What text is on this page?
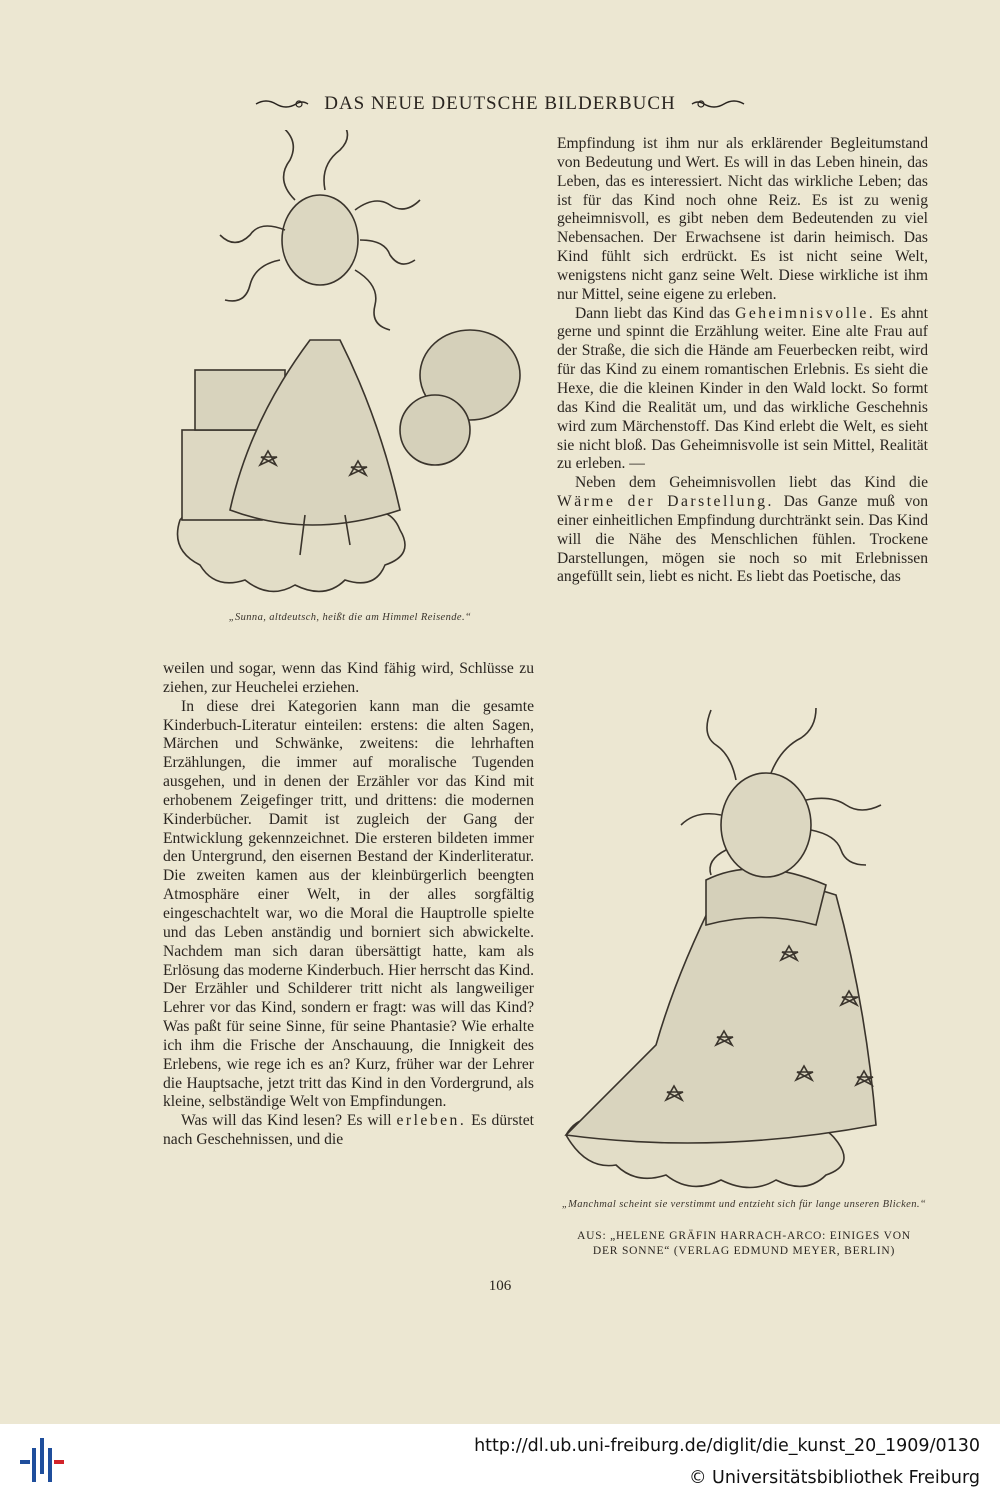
DAS NEUE DEUTSCHE BILDERBUCH
„Sunna, altdeutsch, heißt die am Himmel Reisende.“

Empfindung ist ihm nur als erklärender Begleitumstand von Bedeutung und Wert. Es will in das Leben hinein, das Leben, das es interessiert. Nicht das wirkliche Leben; das ist für das Kind noch ohne Reiz. Es ist zu wenig geheimnisvoll, es gibt neben dem Bedeutenden zu viel Nebensachen. Der Erwachsene ist darin heimisch. Das Kind fühlt sich erdrückt. Es ist nicht seine Welt, wenigstens nicht ganz seine Welt. Diese wirkliche ist ihm nur Mittel, seine eigene zu erleben.

Dann liebt das Kind das Geheimnisvolle. Es ahnt gerne und spinnt die Erzählung weiter. Eine alte Frau auf der Straße, die sich die Hände am Feuerbecken reibt, wird für das Kind zu einem romantischen Erlebnis. Es sieht die Hexe, die die kleinen Kinder in den Wald lockt. So formt das Kind die Realität um, und das wirkliche Geschehnis wird zum Märchenstoff. Das Kind erlebt die Welt, es sieht sie nicht bloß. Das Geheimnisvolle ist sein Mittel, Realität zu erleben. —

Neben dem Geheimnisvollen liebt das Kind die Wärme der Darstellung. Das Ganze muß von einer einheitlichen Empfindung durchtränkt sein. Das Kind will die Nähe des Menschlichen fühlen. Trockene Darstellungen, mögen sie noch so mit Erlebnissen angefüllt sein, liebt es nicht. Es liebt das Poetische, das

weilen und sogar, wenn das Kind fähig wird, Schlüsse zu ziehen, zur Heuchelei erziehen.

In diese drei Kategorien kann man die gesamte Kinderbuch-Literatur einteilen: erstens: die alten Sagen, Märchen und Schwänke, zweitens: die lehrhaften Erzählungen, die immer auf moralische Tugenden ausgehen, und in denen der Erzähler vor das Kind mit erhobenem Zeigefinger tritt, und drittens: die modernen Kinderbücher. Damit ist zugleich der Gang der Entwicklung gekennzeichnet. Die ersteren bildeten immer den Untergrund, den eisernen Bestand der Kinderliteratur. Die zweiten kamen aus der kleinbürgerlich beengten Atmosphäre einer Welt, in der alles sorgfältig eingeschachtelt war, wo die Moral die Hauptrolle spielte und das Leben anständig und borniert sich abwickelte. Nachdem man sich daran übersättigt hatte, kam als Erlösung das moderne Kinderbuch. Hier herrscht das Kind. Der Erzähler und Schilderer tritt nicht als langweiliger Lehrer vor das Kind, sondern er fragt: was will das Kind? Was paßt für seine Sinne, für seine Phantasie? Wie erhalte ich ihm die Frische der Anschauung, die Innigkeit des Erlebens, wie rege ich es an? Kurz, früher war der Lehrer die Hauptsache, jetzt tritt das Kind in den Vordergrund, als kleine, selbständige Welt von Empfindungen.

Was will das Kind lesen? Es will erleben. Es dürstet nach Geschehnissen, und die

„Manchmal scheint sie verstimmt und entzieht sich für lange unseren Blicken.“
AUS: „HELENE GRÄFIN HARRACH-ARCO: EINIGES VON
DER SONNE“ (VERLAG EDMUND MEYER, BERLIN)
106
http://dl.ub.uni-freiburg.de/diglit/die_kunst_20_1909/0130
© Universitätsbibliothek Freiburg
